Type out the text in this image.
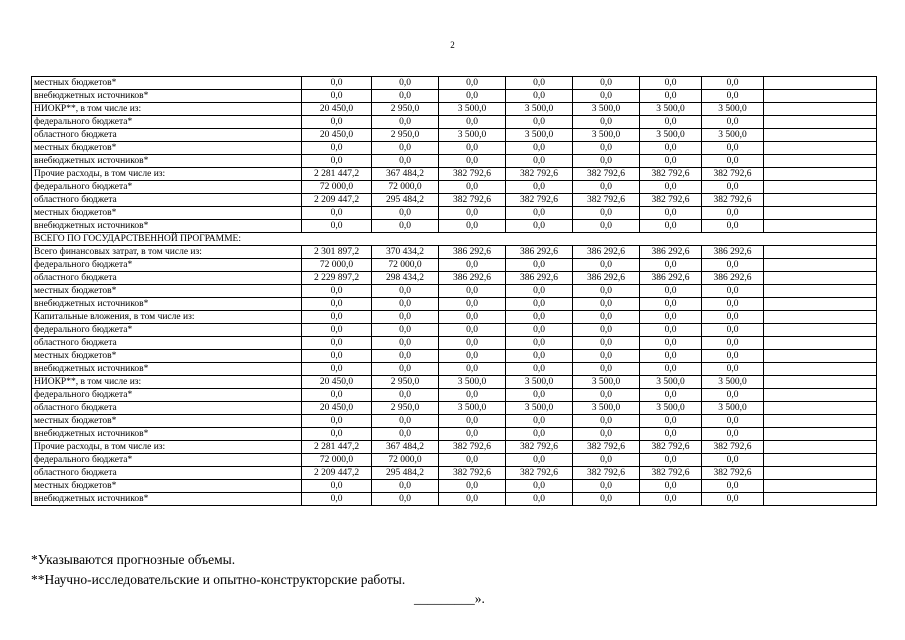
2
местных бюджетов*	0,0	0,0	0,0	0,0	0,0	0,0	0,0	
внебюджетных источников*	0,0	0,0	0,0	0,0	0,0	0,0	0,0	
НИОКР**, в том числе из:	20 450,0	2 950,0	3 500,0	3 500,0	3 500,0	3 500,0	3 500,0	
федерального бюджета*	0,0	0,0	0,0	0,0	0,0	0,0	0,0	
областного бюджета	20 450,0	2 950,0	3 500,0	3 500,0	3 500,0	3 500,0	3 500,0	
местных бюджетов*	0,0	0,0	0,0	0,0	0,0	0,0	0,0	
внебюджетных источников*	0,0	0,0	0,0	0,0	0,0	0,0	0,0	
Прочие расходы, в том числе из:	2 281 447,2	367 484,2	382 792,6	382 792,6	382 792,6	382 792,6	382 792,6	
федерального бюджета*	72 000,0	72 000,0	0,0	0,0	0,0	0,0	0,0	
областного бюджета	2 209 447,2	295 484,2	382 792,6	382 792,6	382 792,6	382 792,6	382 792,6	
местных бюджетов*	0,0	0,0	0,0	0,0	0,0	0,0	0,0	
внебюджетных источников*	0,0	0,0	0,0	0,0	0,0	0,0	0,0	
ВСЕГО ПО ГОСУДАРСТВЕННОЙ ПРОГРАММЕ:								
Всего финансовых затрат, в том числе из:	2 301 897,2	370 434,2	386 292,6	386 292,6	386 292,6	386 292,6	386 292,6	
федерального бюджета*	72 000,0	72 000,0	0,0	0,0	0,0	0,0	0,0	
областного бюджета	2 229 897,2	298 434,2	386 292,6	386 292,6	386 292,6	386 292,6	386 292,6	
местных бюджетов*	0,0	0,0	0,0	0,0	0,0	0,0	0,0	
внебюджетных источников*	0,0	0,0	0,0	0,0	0,0	0,0	0,0	
Капитальные вложения, в том числе из:	0,0	0,0	0,0	0,0	0,0	0,0	0,0	
федерального бюджета*	0,0	0,0	0,0	0,0	0,0	0,0	0,0	
областного бюджета	0,0	0,0	0,0	0,0	0,0	0,0	0,0	
местных бюджетов*	0,0	0,0	0,0	0,0	0,0	0,0	0,0	
внебюджетных источников*	0,0	0,0	0,0	0,0	0,0	0,0	0,0	
НИОКР**, в том числе из:	20 450,0	2 950,0	3 500,0	3 500,0	3 500,0	3 500,0	3 500,0	
федерального бюджета*	0,0	0,0	0,0	0,0	0,0	0,0	0,0	
областного бюджета	20 450,0	2 950,0	3 500,0	3 500,0	3 500,0	3 500,0	3 500,0	
местных бюджетов*	0,0	0,0	0,0	0,0	0,0	0,0	0,0	
внебюджетных источников*	0,0	0,0	0,0	0,0	0,0	0,0	0,0	
Прочие расходы, в том числе из:	2 281 447,2	367 484,2	382 792,6	382 792,6	382 792,6	382 792,6	382 792,6	
федерального бюджета*	72 000,0	72 000,0	0,0	0,0	0,0	0,0	0,0	
областного бюджета	2 209 447,2	295 484,2	382 792,6	382 792,6	382 792,6	382 792,6	382 792,6	
местных бюджетов*	0,0	0,0	0,0	0,0	0,0	0,0	0,0	
внебюджетных источников*	0,0	0,0	0,0	0,0	0,0	0,0	0,0	
*Указываются прогнозные объемы.
**Научно-исследовательские и опытно-конструкторские работы.
_________».
